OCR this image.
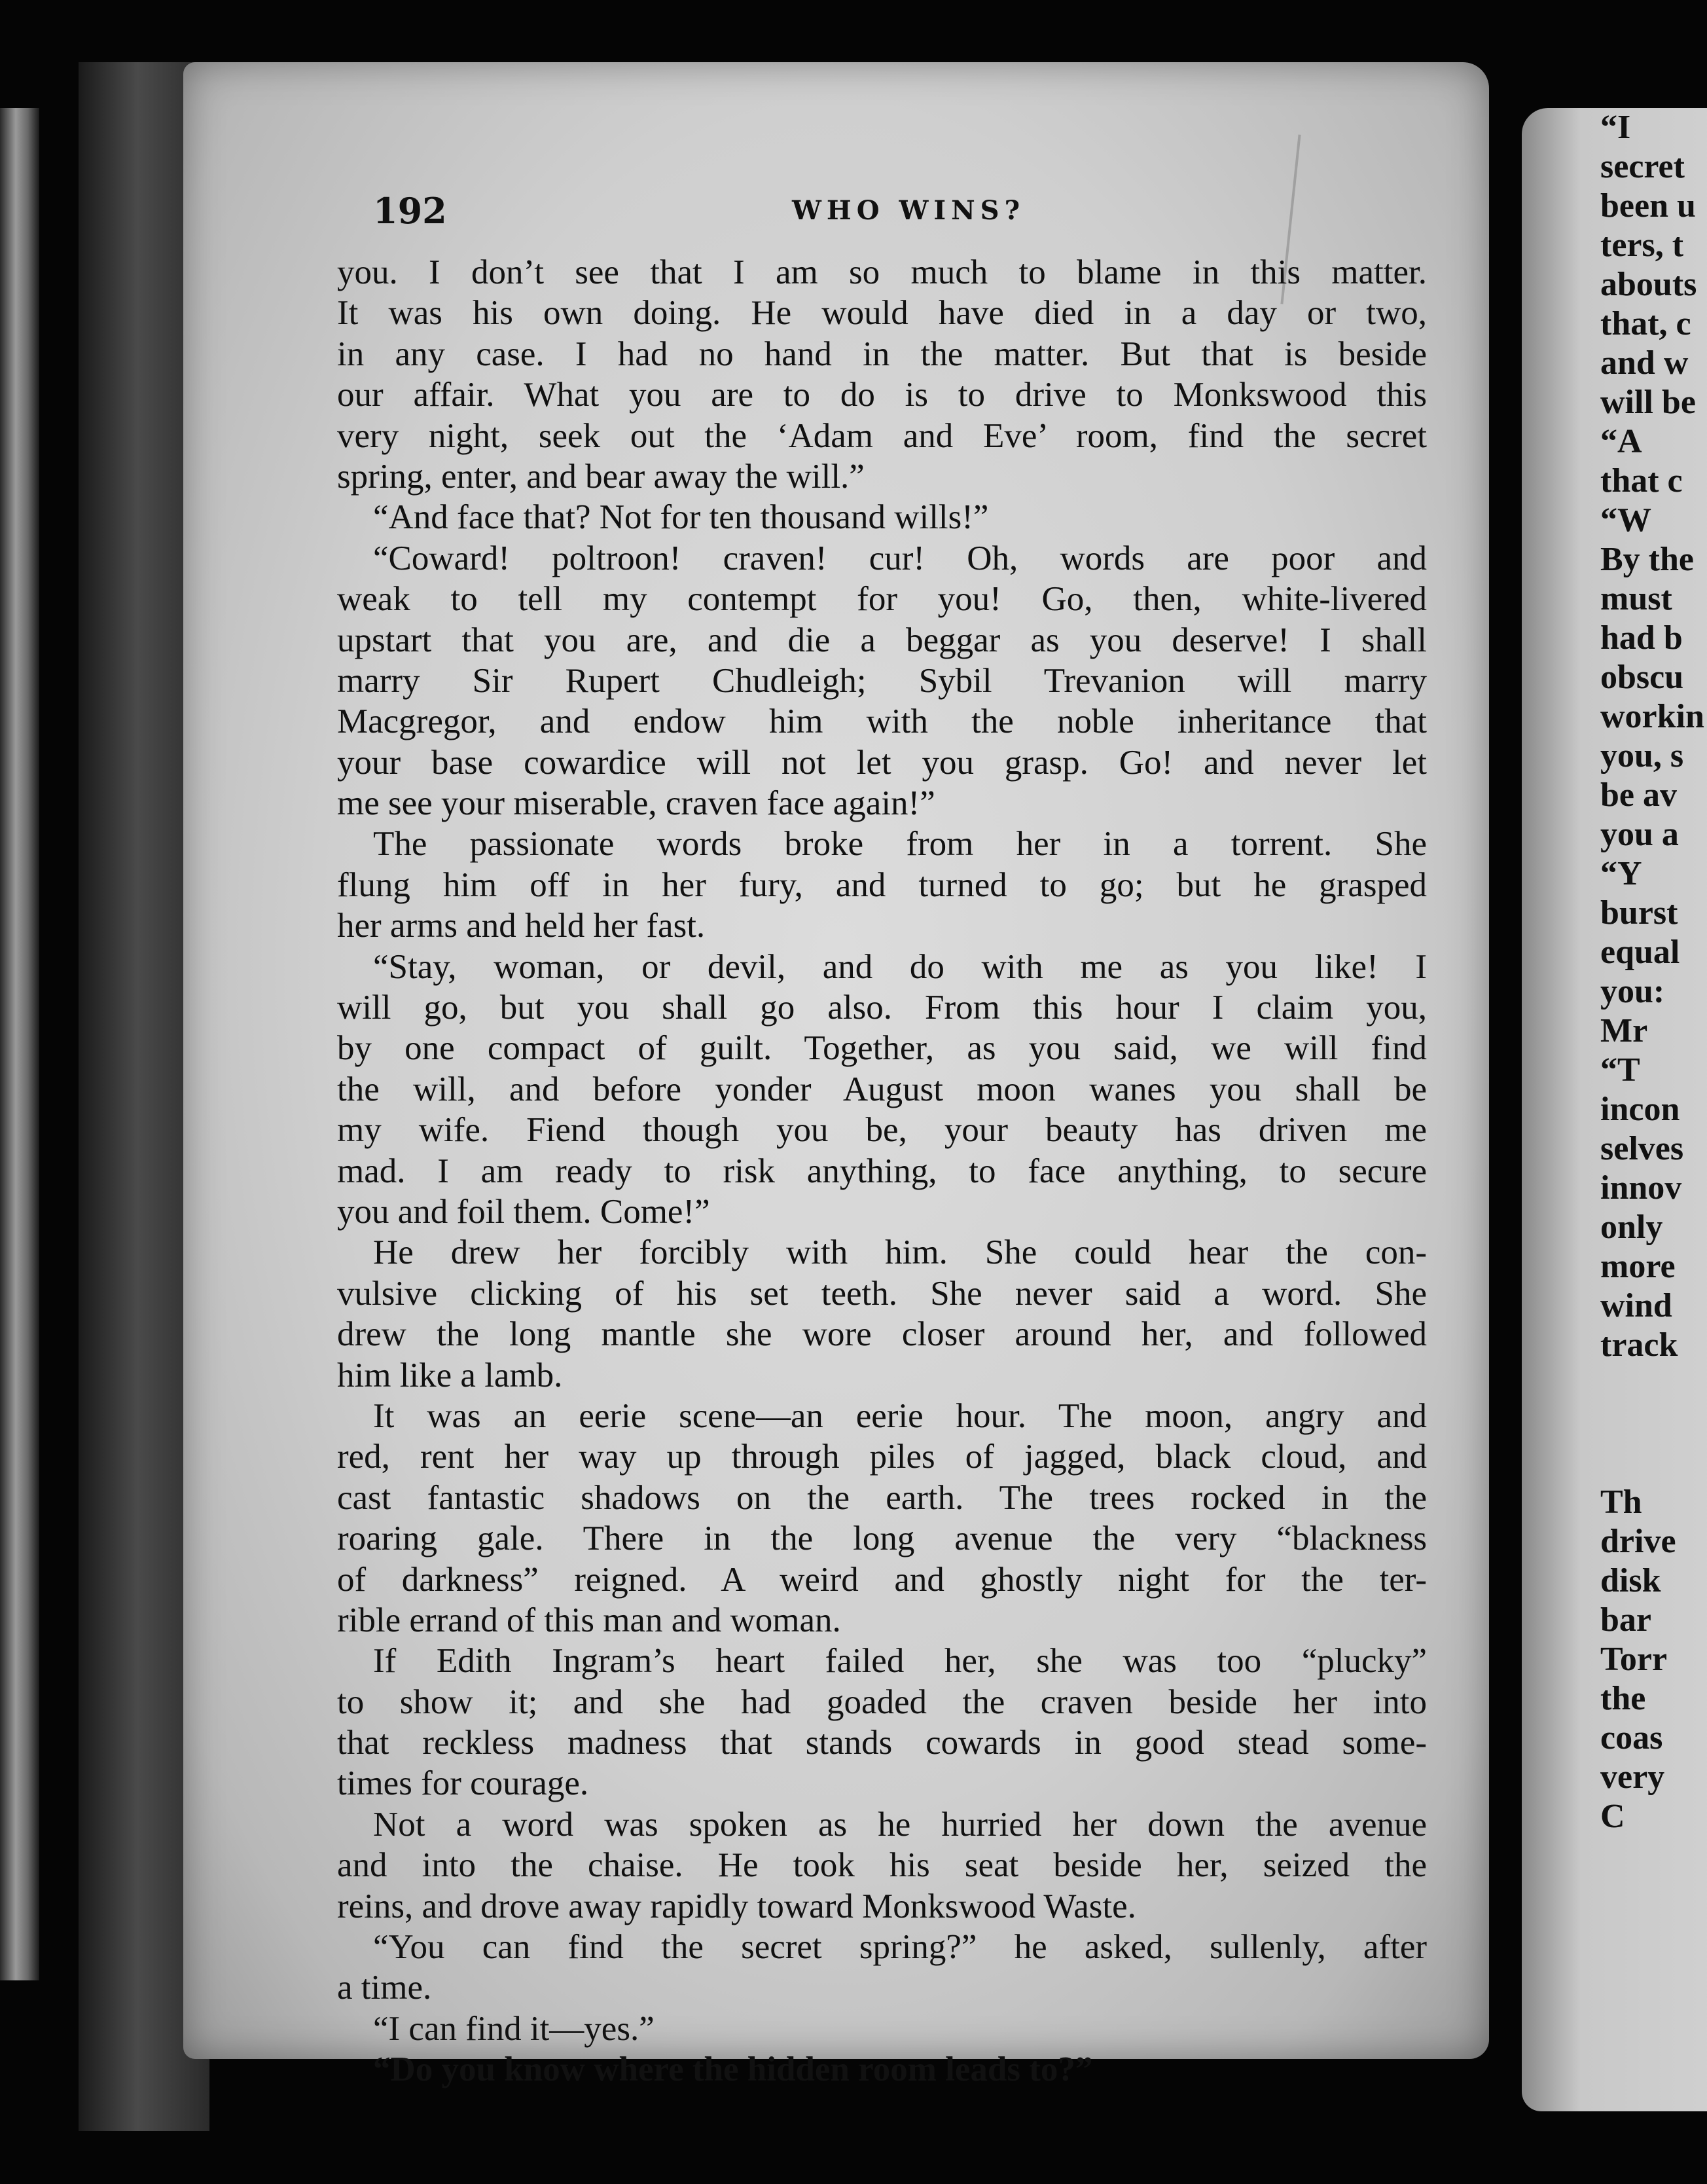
192	WHO WINS?
you. I don’t see that I am so much to blame in this matter.
It was his own doing. He would have died in a day or two,
in any case. I had no hand in the matter. But that is beside
our affair. What you are to do is to drive to Monkswood this
very night, seek out the ‘Adam and Eve’ room, find the secret
spring, enter, and bear away the will.”
“And face that? Not for ten thousand wills!”
“Coward! poltroon! craven! cur! Oh, words are poor and
weak to tell my contempt for you! Go, then, white-livered
upstart that you are, and die a beggar as you deserve! I shall
marry Sir Rupert Chudleigh; Sybil Trevanion will marry
Macgregor, and endow him with the noble inheritance that
your base cowardice will not let you grasp. Go! and never let
me see your miserable, craven face again!”
The passionate words broke from her in a torrent. She
flung him off in her fury, and turned to go; but he grasped
her arms and held her fast.
“Stay, woman, or devil, and do with me as you like! I
will go, but you shall go also. From this hour I claim you,
by one compact of guilt. Together, as you said, we will find
the will, and before yonder August moon wanes you shall be
my wife. Fiend though you be, your beauty has driven me
mad. I am ready to risk anything, to face anything, to secure
you and foil them. Come!”
He drew her forcibly with him. She could hear the con-
vulsive clicking of his set teeth. She never said a word. She
drew the long mantle she wore closer around her, and followed
him like a lamb.
It was an eerie scene—an eerie hour. The moon, angry and
red, rent her way up through piles of jagged, black cloud, and
cast fantastic shadows on the earth. The trees rocked in the
roaring gale. There in the long avenue the very “blackness
of darkness” reigned. A weird and ghostly night for the ter-
rible errand of this man and woman.
If Edith Ingram’s heart failed her, she was too “plucky”
to show it; and she had goaded the craven beside her into
that reckless madness that stands cowards in good stead some-
times for courage.
Not a word was spoken as he hurried her down the avenue
and into the chaise. He took his seat beside her, seized the
reins, and drove away rapidly toward Monkswood Waste.
“You can find the secret spring?” he asked, sullenly, after
a time.
“I can find it—yes.”
“Do you know where the hidden room leads to?”
“I
secret
been u
ters, t
abouts
that, c
and w
will be
“A
that c
“W
By the
must
had b
obscu
workin
you, s
be av
you a
“Y
burst
equal
you:
Mr
“T
incon
selves
innov
only
more
wind
track
Th
drive
disk
bar
Torr
the
coas
very
C
